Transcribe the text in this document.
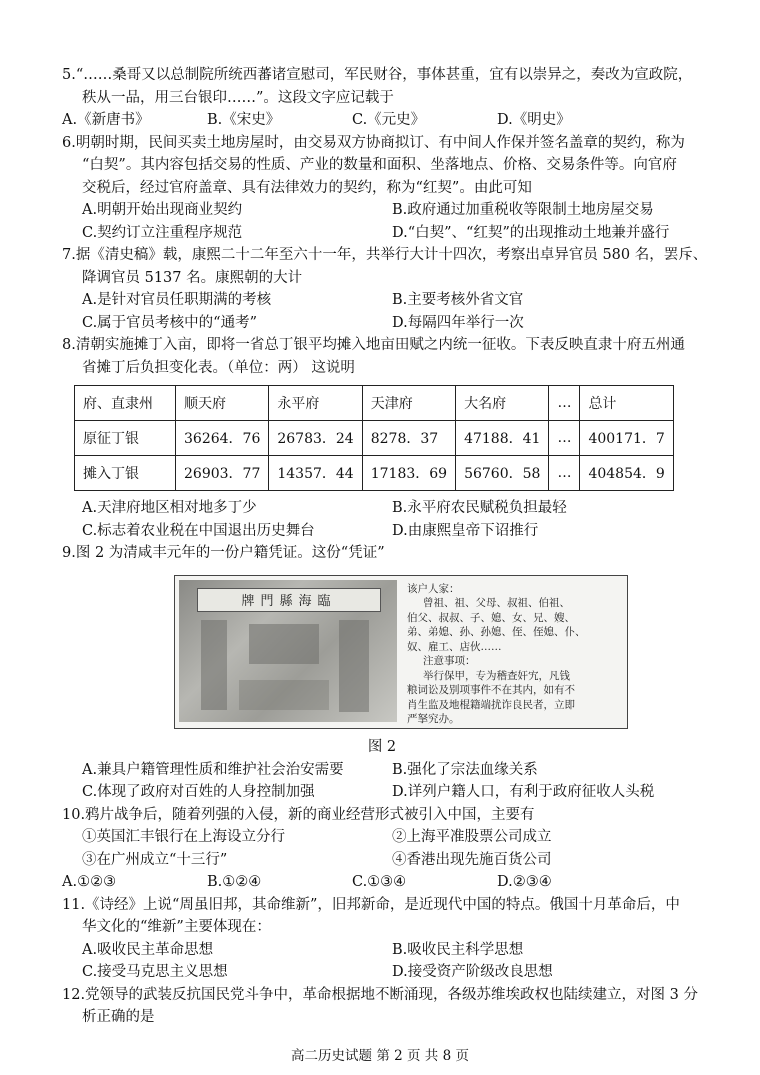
5.“……桑哥又以总制院所统西蕃诸宣慰司，军民财谷，事体甚重，宜有以崇异之，奏改为宣政院，
秩从一品，用三台银印……”。这段文字应记载于
A.《新唐书》	B.《宋史》	C.《元史》	D.《明史》
6.明朝时期，民间买卖土地房屋时，由交易双方协商拟订、有中间人作保并签名盖章的契约，称为
“白契”。其内容包括交易的性质、产业的数量和面积、坐落地点、价格、交易条件等。向官府
交税后，经过官府盖章、具有法律效力的契约，称为“红契”。由此可知
A.明朝开始出现商业契约	B.政府通过加重税收等限制土地房屋交易
C.契约订立注重程序规范	D.“白契”、“红契”的出现推动土地兼并盛行
7.据《清史稿》载，康熙二十二年至六十一年，共举行大计十四次，考察出卓异官员 580 名，罢斥、
降调官员 5137 名。康熙朝的大计
A.是针对官员任职期满的考核	B.主要考核外省文官
C.属于官员考核中的“通考”	D.每隔四年举行一次
8.清朝实施摊丁入亩，即将一省总丁银平均摊入地亩田赋之内统一征收。下表反映直隶十府五州通
省摊丁后负担变化表。（单位：两） 这说明
府、直隶州	顺天府	永平府	天津府	大名府	…	总计
原征丁银	36264．76	26783．24	8278．37	47188．41	…	400171．7
摊入丁银	26903．77	14357．44	17183．69	56760．58	…	404854．9
A.天津府地区相对地多丁少	B.永平府农民赋税负担最轻
C.标志着农业税在中国退出历史舞台	D.由康熙皇帝下诏推行
9.图 2 为清咸丰元年的一份户籍凭证。这份“凭证”
牌門縣海臨
该户人家：
曾祖、祖、父母、叔祖、伯祖、
伯父、叔叔、子、媳、女、兄、嫂、
弟、弟媳、孙、孙媳、侄、侄媳、仆、
奴、雇工、店伙……
注意事项：
举行保甲，专为稽查奸宄，凡钱
粮词讼及别项事件不在其内，如有不
肖生监及地棍籍端扰诈良民者，立即
严拏究办。
图 2
A.兼具户籍管理性质和维护社会治安需要	B.强化了宗法血缘关系
C.体现了政府对百姓的人身控制加强	D.详列户籍人口，有利于政府征收人头税
10.鸦片战争后，随着列强的入侵，新的商业经营形式被引入中国，主要有
①英国汇丰银行在上海设立分行	②上海平准股票公司成立
③在广州成立“十三行”	④香港出现先施百货公司
A.①②③	B.①②④	C.①③④	D.②③④
11.《诗经》上说“周虽旧邦，其命维新”，旧邦新命，是近现代中国的特点。俄国十月革命后，中
华文化的“维新”主要体现在：
A.吸收民主革命思想	B.吸收民主科学思想
C.接受马克思主义思想	D.接受资产阶级改良思想
12.党领导的武装反抗国民党斗争中，革命根据地不断涌现，各级苏维埃政权也陆续建立，对图 3 分
析正确的是
高二历史试题 第 2 页 共 8 页
